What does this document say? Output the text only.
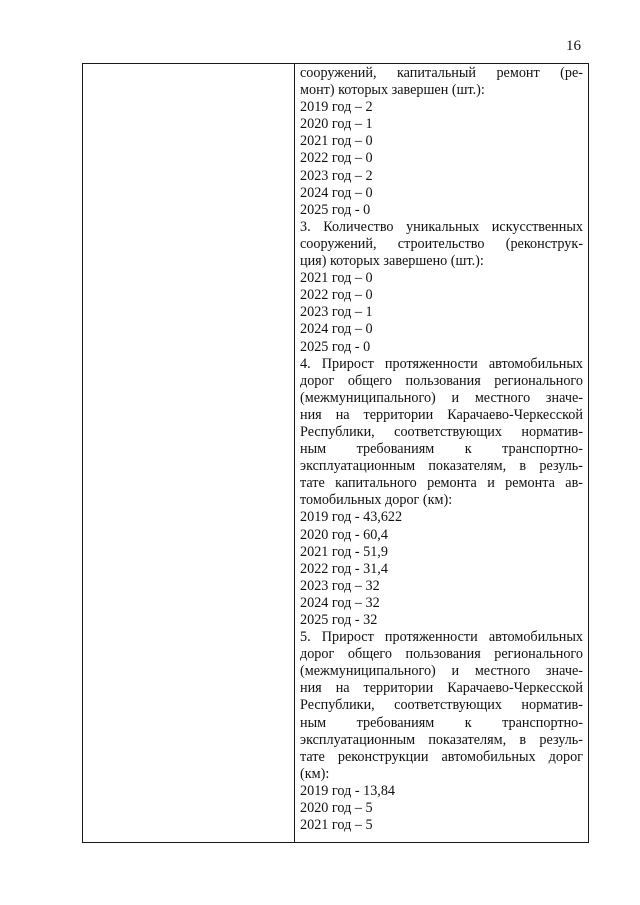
16
сооружений, капитальный ремонт (ре-
монт) которых завершен (шт.):
2019 год – 2
2020 год – 1
2021 год – 0
2022 год – 0
2023 год – 2
2024 год – 0
2025 год - 0
3. Количество уникальных искусственных
сооружений, строительство (реконструк-
ция) которых завершено (шт.):
2021 год – 0
2022 год – 0
2023 год – 1
2024 год – 0
2025 год - 0
4. Прирост протяженности автомобильных
дорог общего пользования регионального
(межмуниципального) и местного значе-
ния на территории Карачаево-Черкесской
Республики, соответствующих норматив-
ным требованиям к транспортно-
эксплуатационным показателям, в резуль-
тате капитального ремонта и ремонта ав-
томобильных дорог (км):
2019 год - 43,622
2020 год - 60,4
2021 год - 51,9
2022 год - 31,4
2023 год – 32
2024 год – 32
2025 год - 32
5. Прирост протяженности автомобильных
дорог общего пользования регионального
(межмуниципального) и местного значе-
ния на территории Карачаево-Черкесской
Республики, соответствующих норматив-
ным требованиям к транспортно-
эксплуатационным показателям, в резуль-
тате реконструкции автомобильных дорог
(км):
2019 год - 13,84
2020 год – 5
2021 год – 5
